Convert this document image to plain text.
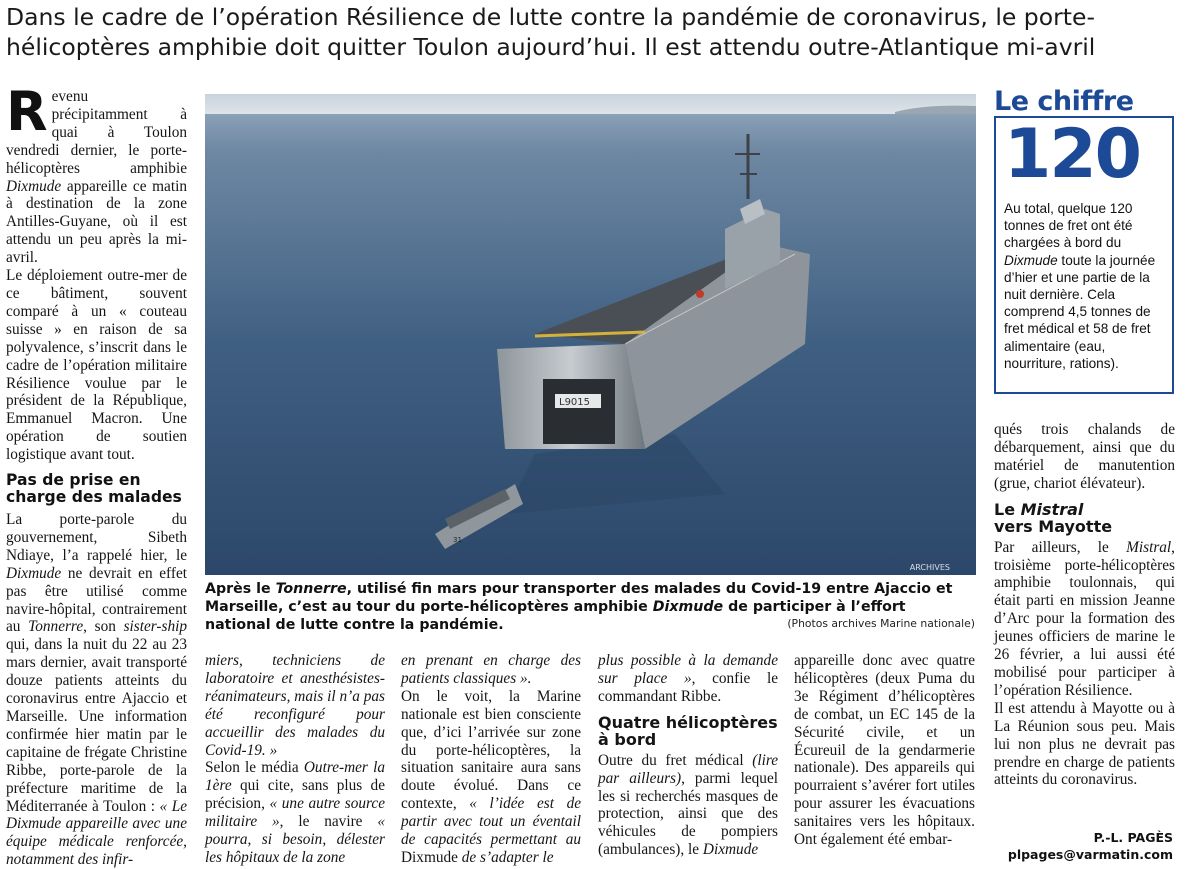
Dans le cadre de l’opération Résilience de lutte contre la pandémie de coronavirus, le porte-
hélicoptères amphibie doit quitter Toulon aujourd’hui. Il est attendu outre-Atlantique mi-avril

Revenu précipitamment à quai à Toulon vendredi dernier, le porte-hélicoptères amphibie Dixmude appareille ce matin à destination de la zone Antilles-Guyane, où il est attendu un peu après la mi-avril.

Le déploiement outre-mer de ce bâtiment, souvent comparé à un « couteau suisse » en raison de sa polyvalence, s’inscrit dans le cadre de l’opération militaire Résilience voulue par le président de la République, Emmanuel Macron. Une opération de soutien logistique avant tout.

Pas de prise en charge des malades

La porte-parole du gouvernement, Sibeth Ndiaye, l’a rappelé hier, le Dixmude ne devrait en effet pas être utilisé comme navire-hôpital, contrairement au Tonnerre, son sister-ship qui, dans la nuit du 22 au 23 mars dernier, avait transporté douze patients atteints du coronavirus entre Ajaccio et Marseille. Une information confirmée hier matin par le capitaine de frégate Christine Ribbe, porte-parole de la préfecture maritime de la Méditerranée à Toulon : « Le Dixmude appareille avec une équipe médicale renforcée, notamment des infir-

L9015
31
ARCHIVES
Après le Tonnerre, utilisé fin mars pour transporter des malades du Covid-19 entre Ajaccio et Marseille, c’est au tour du porte-hélicoptères amphibie Dixmude de participer à l’effort national de lutte contre la pandémie.	(Photos archives Marine nationale)

miers, techniciens de laboratoire et anesthésistes-réanimateurs, mais il n’a pas été reconfiguré pour accueillir des malades du Covid-19. »

Selon le média Outre-mer la 1ère qui cite, sans plus de précision, « une autre source militaire », le navire « pourra, si besoin, délester les hôpitaux de la zone

en prenant en charge des patients classiques ».

On le voit, la Marine nationale est bien consciente que, d’ici l’arrivée sur zone du porte-hélicoptères, la situation sanitaire aura sans doute évolué. Dans ce contexte, « l’idée est de partir avec tout un éventail de capacités permettant au Dixmude de s’adapter le

plus possible à la demande sur place », confie le commandant Ribbe.

Quatre hélicoptères à bord

Outre du fret médical (lire par ailleurs), parmi lequel les si recherchés masques de protection, ainsi que des véhicules de pompiers (ambulances), le Dixmude

appareille donc avec quatre hélicoptères (deux Puma du 3e Régiment d’hélicoptères de combat, un EC 145 de la Sécurité civile, et un Écureuil de la gendarmerie nationale). Des appareils qui pourraient s’avérer fort utiles pour assurer les évacuations sanitaires vers les hôpitaux. Ont également été embar-

Le chiffre
120
Au total, quelque 120 tonnes de fret ont été chargées à bord du Dixmude toute la journée d’hier et une partie de la nuit dernière. Cela comprend 4,5 tonnes de fret médical et 58 de fret alimentaire (eau, nourriture, rations).

qués trois chalands de débarquement, ainsi que du matériel de manutention (grue, chariot élévateur).

Le Mistral
vers Mayotte

Par ailleurs, le Mistral, troisième porte-hélicoptères amphibie toulonnais, qui était parti en mission Jeanne d’Arc pour la formation des jeunes officiers de marine le 26 février, a lui aussi été mobilisé pour participer à l’opération Résilience.

Il est attendu à Mayotte ou à La Réunion sous peu. Mais lui non plus ne devrait pas prendre en charge de patients atteints du coronavirus.

P.-L. PAGÈS
plpages@varmatin.com
